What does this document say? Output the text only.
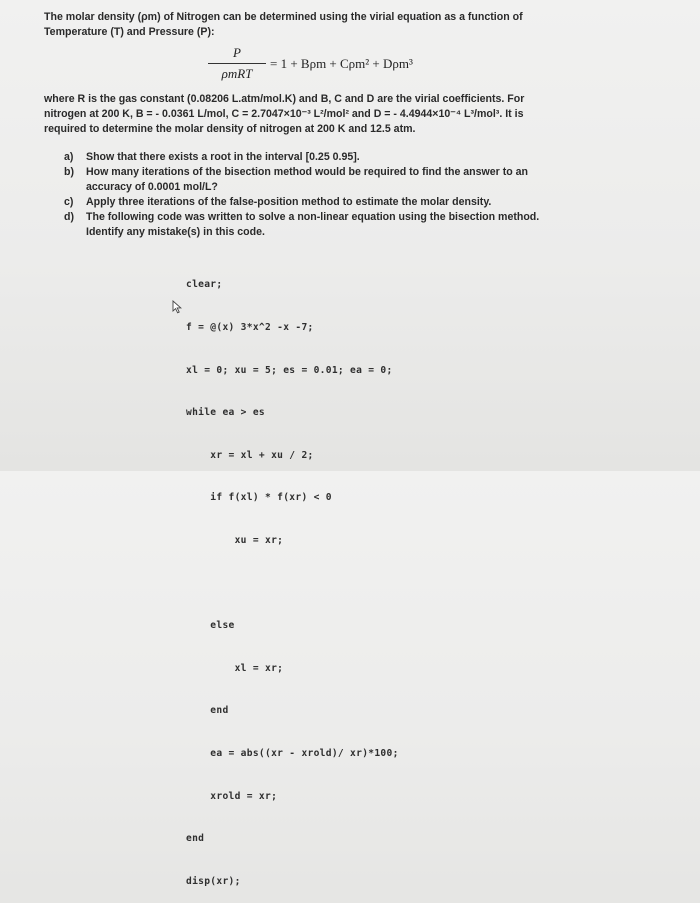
The molar density (ρm) of Nitrogen can be determined using the virial equation as a function of
Temperature (T) and Pressure (P):
P
ρmRT
= 1 + Bρm + Cρm² + Dρm³
where R is the gas constant (0.08206 L.atm/mol.K) and B, C and D are the virial coefficients. For
nitrogen at 200 K, B = - 0.0361 L/mol, C = 2.7047×10⁻³ L²/mol² and D = - 4.4944×10⁻⁴ L³/mol³. It is
required to determine the molar density of nitrogen at 200 K and 12.5 atm.
a) Show that there exists a root in the interval [0.25 0.95].
b) How many iterations of the bisection method would be required to find the answer to an
accuracy of 0.0001 mol/L?
c) Apply three iterations of the false-position method to estimate the molar density.
d) The following code was written to solve a non-linear equation using the bisection method.
Identify any mistake(s) in this code.

clear;

f = @(x) 3*x^2 -x -7;

xl = 0; xu = 5; es = 0.01; ea = 0;

while ea > es

xr = xl + xu / 2;

if f(xl) * f(xr) < 0

xu = xr;

else

xl = xr;

end

ea = abs((xr - xrold)/ xr)*100;

xrold = xr;

end

disp(xr);
